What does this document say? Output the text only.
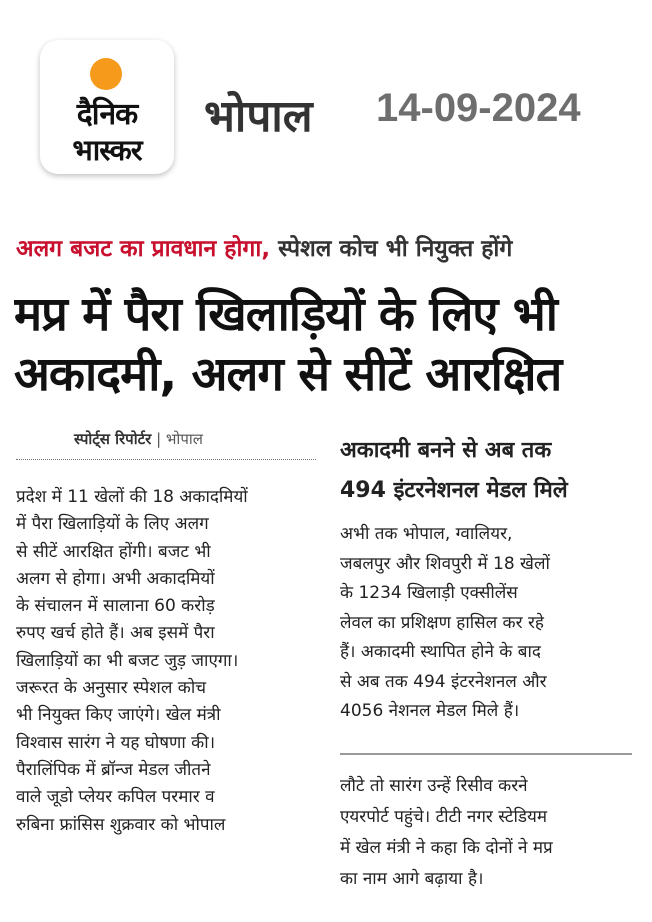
दैनिक
भास्कर
भोपाल 14-09-2024
अलग बजट का प्रावधान होगा, स्पेशल कोच भी नियुक्त होंगे
मप्र में पैरा खिलाड़ियों के लिए भी
अकादमी, अलग से सीटें आरक्षित
स्पोर्ट्स रिपोर्टर | भोपाल
प्रदेश में 11 खेलों की 18 अकादमियों
में पैरा खिलाड़ियों के लिए अलग
से सीटें आरक्षित होंगी। बजट भी
अलग से होगा। अभी अकादमियों
के संचालन में सालाना 60 करोड़
रुपए खर्च होते हैं। अब इसमें पैरा
खिलाड़ियों का भी बजट जुड़ जाएगा।
जरूरत के अनुसार स्पेशल कोच
भी नियुक्त किए जाएंगे। खेल मंत्री
विश्वास सारंग ने यह घोषणा की।
पैरालिंपिक में ब्रॉन्ज मेडल जीतने
वाले जूडो प्लेयर कपिल परमार व
रुबिना फ्रांसिस शुक्रवार को भोपाल
अकादमी बनने से अब तक
494 इंटरनेशनल मेडल मिले
अभी तक भोपाल, ग्वालियर,
जबलपुर और शिवपुरी में 18 खेलों
के 1234 खिलाड़ी एक्सीलेंस
लेवल का प्रशिक्षण हासिल कर रहे
हैं। अकादमी स्थापित होने के बाद
से अब तक 494 इंटरनेशनल और
4056 नेशनल मेडल मिले हैं।
लौटे तो सारंग उन्हें रिसीव करने
एयरपोर्ट पहुंचे। टीटी नगर स्टेडियम
में खेल मंत्री ने कहा कि दोनों ने मप्र
का नाम आगे बढ़ाया है।
